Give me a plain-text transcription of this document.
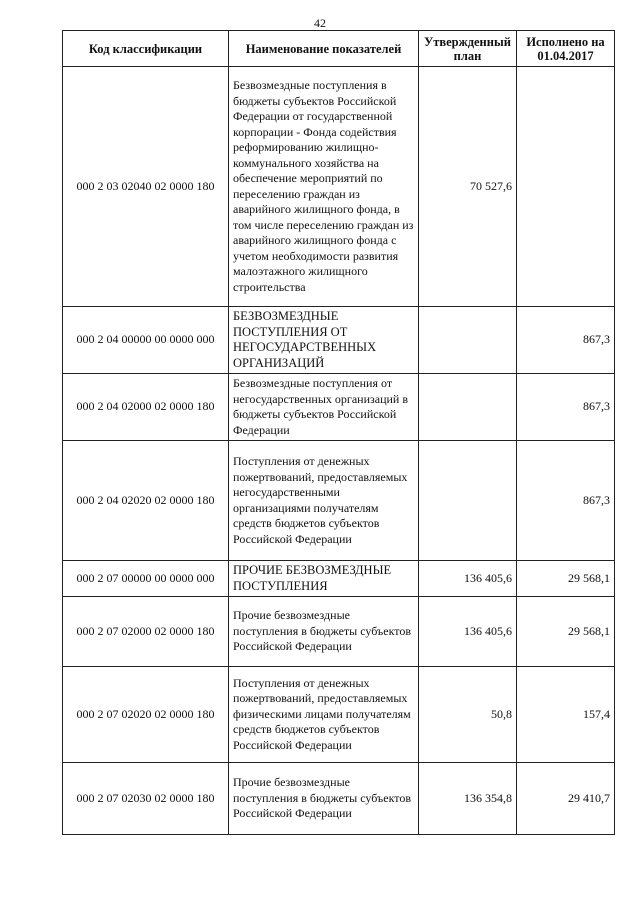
42
Код классификации	Наименование показателей	Утвержденный план	Исполнено на 01.04.2017
000 2 03 02040 02 0000 180	Безвозмездные поступления в бюджеты субъектов Российской Федерации от государственной корпорации - Фонда содействия реформированию жилищно-коммунального хозяйства на обеспечение мероприятий по переселению граждан из аварийного жилищного фонда, в том числе переселению граждан из аварийного жилищного фонда с учетом необходимости развития малоэтажного жилищного строительства	70 527,6	
000 2 04 00000 00 0000 000	БЕЗВОЗМЕЗДНЫЕ ПОСТУПЛЕНИЯ ОТ НЕГОСУДАРСТВЕННЫХ ОРГАНИЗАЦИЙ		867,3
000 2 04 02000 02 0000 180	Безвозмездные поступления от негосударственных организаций в бюджеты субъектов Российской Федерации		867,3
000 2 04 02020 02 0000 180	Поступления от денежных пожертвований, предоставляемых негосударственными организациями получателям средств бюджетов субъектов Российской Федерации		867,3
000 2 07 00000 00 0000 000	ПРОЧИЕ БЕЗВОЗМЕЗДНЫЕ ПОСТУПЛЕНИЯ	136 405,6	29 568,1
000 2 07 02000 02 0000 180	Прочие безвозмездные поступления в бюджеты субъектов Российской Федерации	136 405,6	29 568,1
000 2 07 02020 02 0000 180	Поступления от денежных пожертвований, предоставляемых физическими лицами получателям средств бюджетов субъектов Российской Федерации	50,8	157,4
000 2 07 02030 02 0000 180	Прочие безвозмездные поступления в бюджеты субъектов Российской Федерации	136 354,8	29 410,7
